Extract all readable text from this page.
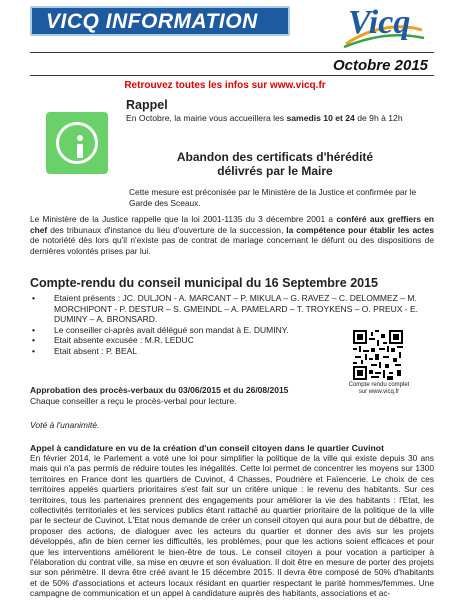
VICQ INFORMATION	Vicq
Octobre 2015
Retrouvez toutes les infos sur www.vicq.fr
Rappel
En Octobre, la mairie vous accueillera les samedis 10 et 24 de 9h à 12h
Abandon des certificats d'hérédité
délivrés par le Maire
Cette mesure est préconisée par le Ministère de la Justice et confirmée par le Garde des Sceaux.
Le Ministère de la Justice rappelle que la loi 2001-1135 du 3 décembre 2001 a conféré aux greffiers en chef des tribunaux d'instance du lieu d'ouverture de la succession, la compétence pour établir les actes de notoriété dès lors qu'il n'existe pas de contrat de mariage concernant le défunt ou des dispositions de dernières volontés prises par lui.
Compte-rendu du conseil municipal du 16 Septembre 2015
• Etaient présents : JC. DULJON - A. MARCANT – P. MIKULA – G. RAVEZ – C. DELOMMEZ – M. MORCHIPONT - P. DESTUR – S. GMEINDL – A. PAMELARD – T. TROYKENS – O. PREUX - E. DUMINY – A. BRONSARD.
• Le conseiller ci-après avait délégué son mandat à E. DUMINY.
• Etait absente excusée : M.R. LEDUC
• Etait absent : P. BEAL
Compte rendu complet sur www.vicq.fr
Approbation des procès-verbaux du 03/06/2015 et du 26/08/2015
Chaque conseiller a reçu le procès-verbal pour lecture.
Voté à l'unanimité.
Appel à candidature en vu de la création d'un conseil citoyen dans le quartier Cuvinot
En février 2014, le Parlement a voté une loi pour simplifier la politique de la ville qui existe depuis 30 ans mais qui n'a pas permis de réduire toutes les inégalités. Cette loi permet de concentrer les moyens sur 1300 territoires en France dont les quartiers de Cuvinot, 4 Chasses, Poudrière et Faïencerie. Le choix de ces territoires appelés quartiers prioritaires s'est fait sur un critère unique : le revenu des habitants. Sur ces territoires, tous les partenaires prennent des engagements pour améliorer la vie des habitants : l'Etat, les collectivités territoriales et les services publics étant rattaché au quartier prioritaire de la politique de la ville par le secteur de Cuvinot. L'Etat nous demande de créer un conseil citoyen qui aura pour but de débattre, de proposer des actions, de dialoguer avec les acteurs du quartier et donner des avis sur les projets développés, afin de bien cerner les difficultés, les problèmes, pour que les actions soient efficaces et pour que les interventions améliorent le bien-être de tous. Le conseil citoyen a pour vocation a participer à l'élaboration du contrat ville, sa mise en œuvre et son évaluation. Il doit être en mesure de porter des projets sur son périmètre. Il devra être créé avant le 15 décembre 2015. Il devra être composé de 50% d'habitants et de 50% d'associations et acteurs locaux résidant en quartier respectant le parité hommes/femmes. Une campagne de communication et un appel à candidature auprès des habitants, associations et ac-
